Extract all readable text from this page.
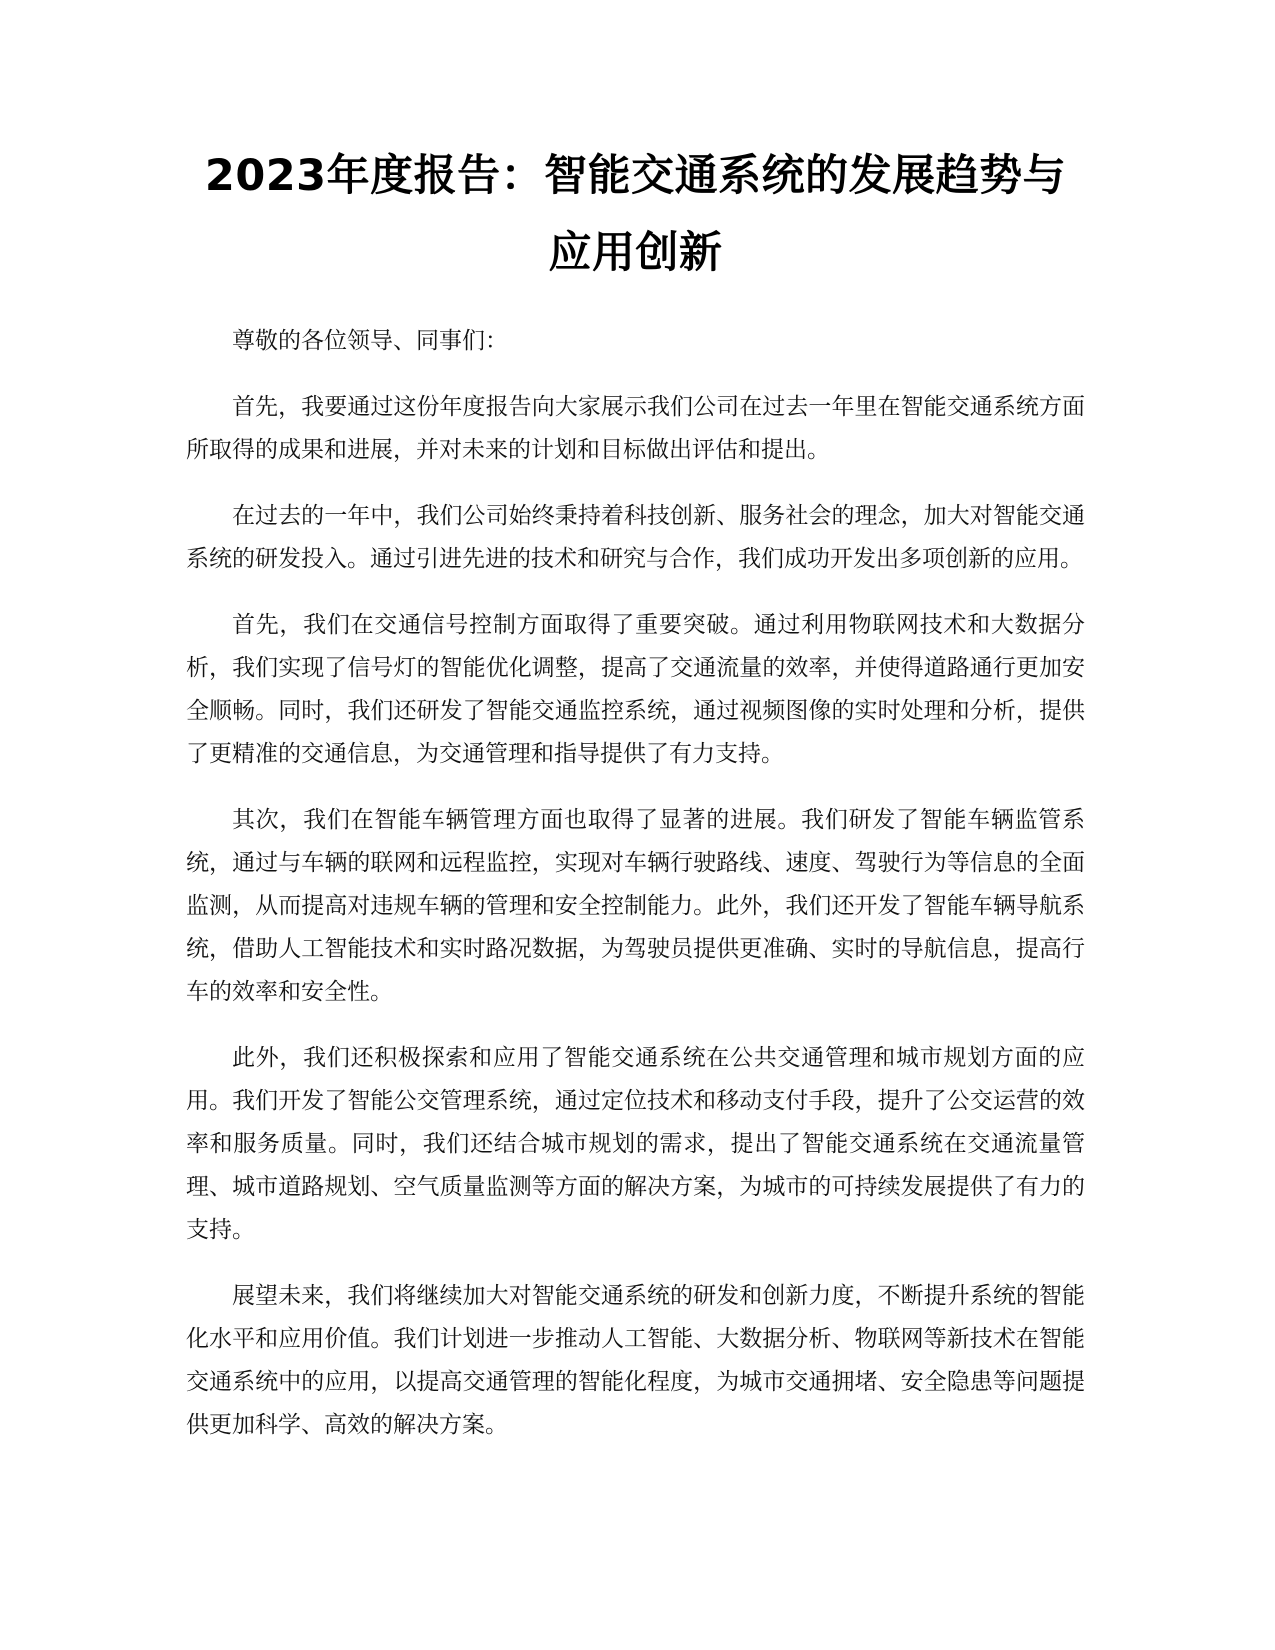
2023年度报告：智能交通系统的发展趋势与应用创新

尊敬的各位领导、同事们：

首先，我要通过这份年度报告向大家展示我们公司在过去一年里在智能交通系统方面所取得的成果和进展，并对未来的计划和目标做出评估和提出。

在过去的一年中，我们公司始终秉持着科技创新、服务社会的理念，加大对智能交通系统的研发投入。通过引进先进的技术和研究与合作，我们成功开发出多项创新的应用。

首先，我们在交通信号控制方面取得了重要突破。通过利用物联网技术和大数据分析，我们实现了信号灯的智能优化调整，提高了交通流量的效率，并使得道路通行更加安全顺畅。同时，我们还研发了智能交通监控系统，通过视频图像的实时处理和分析，提供了更精准的交通信息，为交通管理和指导提供了有力支持。

其次，我们在智能车辆管理方面也取得了显著的进展。我们研发了智能车辆监管系统，通过与车辆的联网和远程监控，实现对车辆行驶路线、速度、驾驶行为等信息的全面监测，从而提高对违规车辆的管理和安全控制能力。此外，我们还开发了智能车辆导航系统，借助人工智能技术和实时路况数据，为驾驶员提供更准确、实时的导航信息，提高行车的效率和安全性。

此外，我们还积极探索和应用了智能交通系统在公共交通管理和城市规划方面的应用。我们开发了智能公交管理系统，通过定位技术和移动支付手段，提升了公交运营的效率和服务质量。同时，我们还结合城市规划的需求，提出了智能交通系统在交通流量管理、城市道路规划、空气质量监测等方面的解决方案，为城市的可持续发展提供了有力的支持。

展望未来，我们将继续加大对智能交通系统的研发和创新力度，不断提升系统的智能化水平和应用价值。我们计划进一步推动人工智能、大数据分析、物联网等新技术在智能交通系统中的应用，以提高交通管理的智能化程度，为城市交通拥堵、安全隐患等问题提供更加科学、高效的解决方案。
